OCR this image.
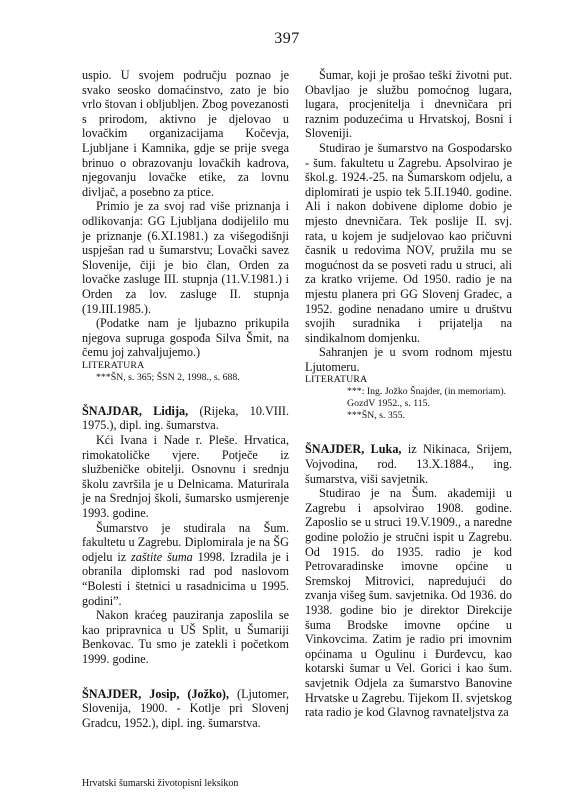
397

uspio. U svojem području poznao je svako seosko domaćinstvo, zato je bio vrlo štovan i obljubljen. Zbog povezanosti s prirodom, aktivno je djelovao u lovačkim organizacijama Kočevja, Ljubljane i Kamnika, gdje se prije svega brinuo o obrazovanju lovačkih kadrova, njegovanju lovačke etike, za lovnu divljač, a posebno za ptice.

Primio je za svoj rad više priznanja i odlikovanja: GG Ljubljana dodijelilo mu je priznanje (6.XI.1981.) za višegodišnji uspješan rad u šumarstvu; Lovački savez Slovenije, čiji je bio član, Orden za lovačke zasluge III. stupnja (11.V.1981.) i Orden za lov. zasluge II. stupnja (19.III.1985.).

(Podatke nam je ljubazno prikupila njegova supruga gospođa Silva Šmit, na čemu joj zahvaljujemo.)

LITERATURA

***ŠN, s. 365; ŠSN 2, 1998., s. 688.

ŠNAJDAR, Lidija, (Rijeka, 10.VIII. 1975.), dipl. ing. šumarstva.

Kći Ivana i Nade r. Pleše. Hrvatica, rimokatoličke vjere. Potječe iz službeničke obitelji. Osnovnu i srednju školu završila je u Delnicama. Maturirala je na Srednjoj školi, šumarsko usmjerenje 1993. godine.

Šumarstvo je studirala na Šum. fakultetu u Zagrebu. Diplomirala je na ŠG odjelu iz zaštite šuma 1998. Izradila je i obranila diplomski rad pod naslovom “Bolesti i štetnici u rasadnicima u 1995. godini”.

Nakon kraćeg pauziranja zaposlila se kao pripravnica u UŠ Split, u Šumariji Benkovac. Tu smo je zatekli i početkom 1999. godine.

ŠNAJDER, Josip, (Jožko), (Ljutomer, Slovenija, 1900. - Kotlje pri Slovenj Gradcu, 1952.), dipl. ing. šumarstva.

Šumar, koji je prošao teški životni put. Obavljao je službu pomoćnog lugara, lugara, procjenitelja i dnevničara pri raznim poduzećima u Hrvatskoj, Bosni i Sloveniji.

Studirao je šumarstvo na Gospodarsko - šum. fakultetu u Zagrebu. Apsolvirao je škol.g. 1924.-25. na Šumarskom odjelu, a diplomirati je uspio tek 5.II.1940. godine. Ali i nakon dobivene diplome dobio je mjesto dnevničara. Tek poslije II. svj. rata, u kojem je sudjelovao kao pričuvni časnik u redovima NOV, pružila mu se mogućnost da se posveti radu u struci, ali za kratko vrijeme. Od 1950. radio je na mjestu planera pri GG Slovenj Gradec, a 1952. godine nenadano umire u društvu svojih suradnika i prijatelja na sindikalnom domjenku.

Sahranjen je u svom rodnom mjestu Ljutomeru.

LITERATURA

***: Ing. Jožko Šnajder, (in memoriam). GozdV 1952., s. 115.

***ŠN, s. 355.

ŠNAJDER, Luka, iz Nikinaca, Srijem, Vojvodina, rod. 13.X.1884., ing. šumarstva, viši savjetnik.

Studirao je na Šum. akademiji u Zagrebu i apsolvirao 1908. godine. Zaposlio se u struci 19.V.1909., a naredne godine položio je stručni ispit u Zagrebu. Od 1915. do 1935. radio je kod Petrovaradinske imovne općine u Sremskoj Mitrovici, napredujući do zvanja višeg šum. savjetnika. Od 1936. do 1938. godine bio je direktor Direkcije šuma Brodske imovne općine u Vinkovcima. Zatim je radio pri imovnim općinama u Ogulinu i Đurđevcu, kao kotarski šumar u Vel. Gorici i kao šum. savjetnik Odjela za šumarstvo Banovine Hrvatske u Zagrebu. Tijekom II. svjetskog rata radio je kod Glavnog ravnateljstva za

Hrvatski šumarski životopisni leksikon
